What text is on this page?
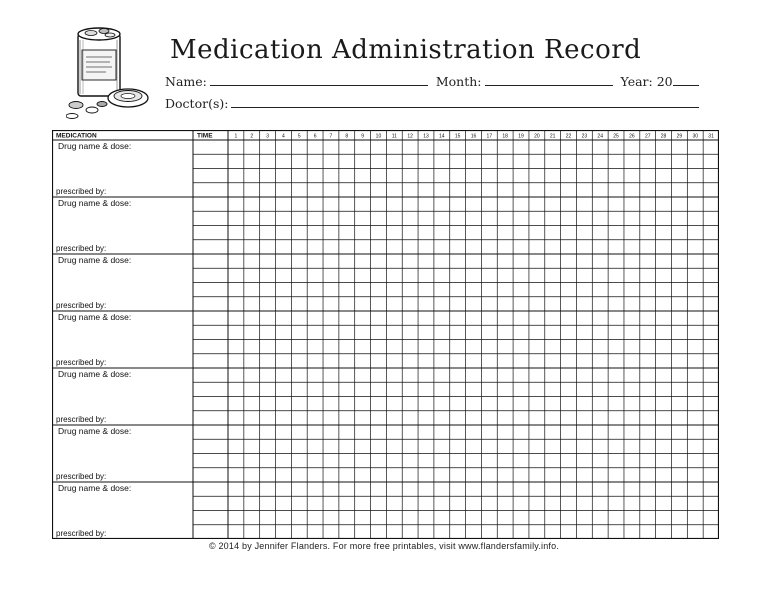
Medication Administration Record
Name:	Month:	Year: 20
Doctor(s):
MEDICATION	TIME	1	2	3	4	5	6	7	8	9 10 11 12 13 14 15 16 17 18 19 20 21 22 23 24 25 26 27 28 29 30 31
Drug name & dose:
prescribed by:
Drug name & dose:
prescribed by:
Drug name & dose:
prescribed by:
Drug name & dose:
prescribed by:
Drug name & dose:
prescribed by:
Drug name & dose:
prescribed by:
Drug name & dose:
prescribed by:
© 2014 by Jennifer Flanders. For more free printables, visit www.flandersfamily.info.
